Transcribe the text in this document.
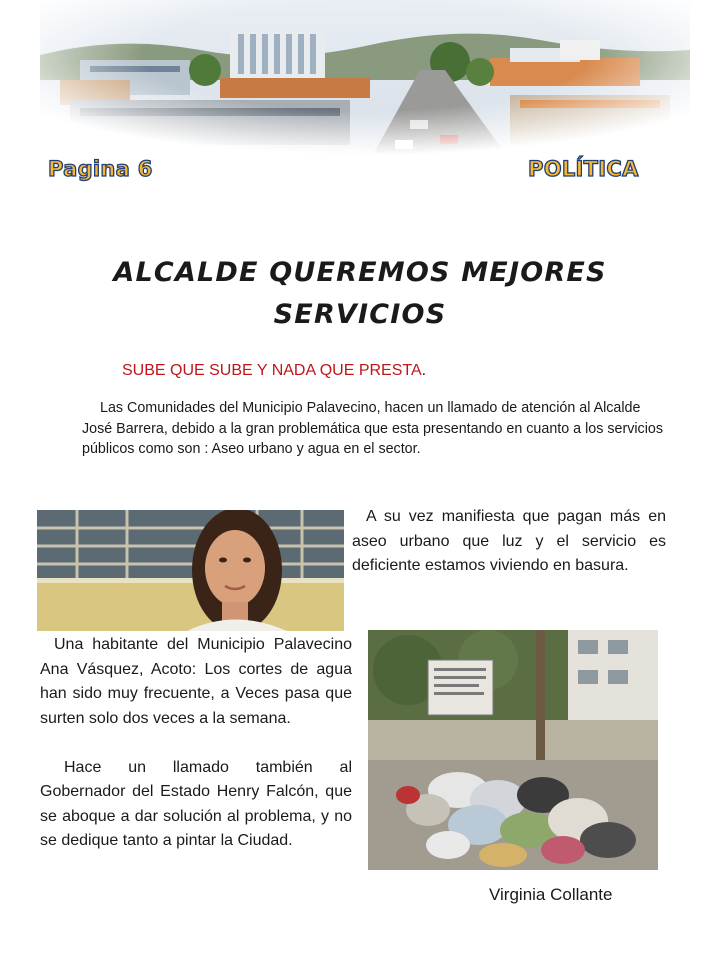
Pagina 6	POLÍTICA
ALCALDE QUEREMOS MEJORES SERVICIOS
SUBE QUE SUBE Y NADA QUE PRESTA.

Las Comunidades del Municipio Palavecino, hacen un llamado de atención al Alcalde José Barrera, debido a la gran problemática que esta presentando en cuanto a los servicios públicos como son : Aseo urbano y agua en el sector.

A su vez manifiesta que pagan más en aseo urbano que luz y el servicio es deficiente estamos viviendo en basura.

Una habitante del Municipio Palavecino Ana Vásquez, Acoto: Los cortes de agua han sido muy frecuente, a Veces pasa que surten solo dos veces a la semana.

Hace un llamado también al Gobernador del Estado Henry Falcón, que se aboque a dar solución al problema, y no se dedique tanto a pintar la Ciudad.

Virginia Collante
